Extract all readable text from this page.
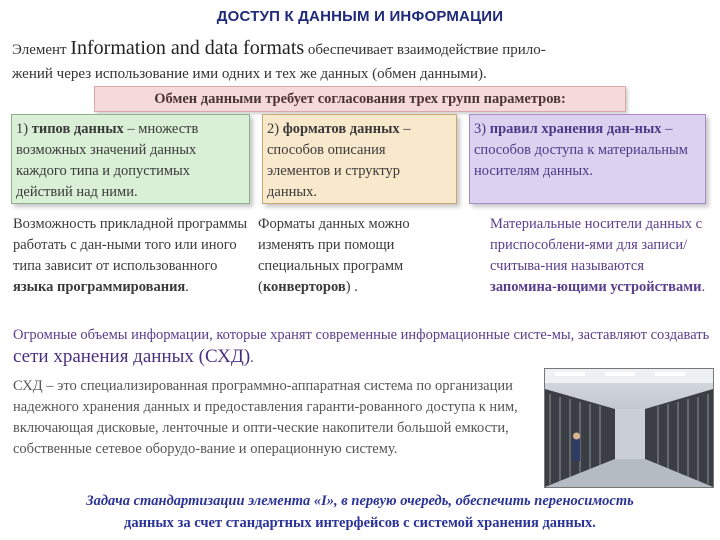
ДОСТУП К ДАННЫМ И ИНФОРМАЦИИ
Элемент Information and data formats обеспечивает взаимодействие прило-
жений через использование ими одних и тех же данных (обмен данными).
Обмен данными требует согласования трех групп параметров:
1) типов данных – множеств возможных значений данных каждого типа и допустимых действий над ними.
2) форматов данных – способов описания элементов и структур данных.
3) правил хранения дан-ных – способов доступа к материальным носителям данных.
Возможность прикладной программы работать с дан-ными того или иного типа зависит от использованного языка программирования.
Форматы данных можно изменять при помощи специальных программ (конверторов) .
Материальные носители данных с приспособлени-ями для записи/считыва-ния называются запомина-ющими устройствами.
Огромные объемы информации, которые хранят современные информационные систе-мы, заставляют создавать сети хранения данных (СХД).
СХД – это специализированная программно-аппаратная система по организации надежного хранения данных и предоставления гаранти-рованного доступа к ним, включающая дисковые, ленточные и опти-ческие накопители большой емкости, собственные сетевое оборудо-вание и операционную систему.
Задача стандартизации элемента «I», в первую очередь, обеспечить переносимость
данных за счет стандартных интерфейсов с системой хранения данных.
